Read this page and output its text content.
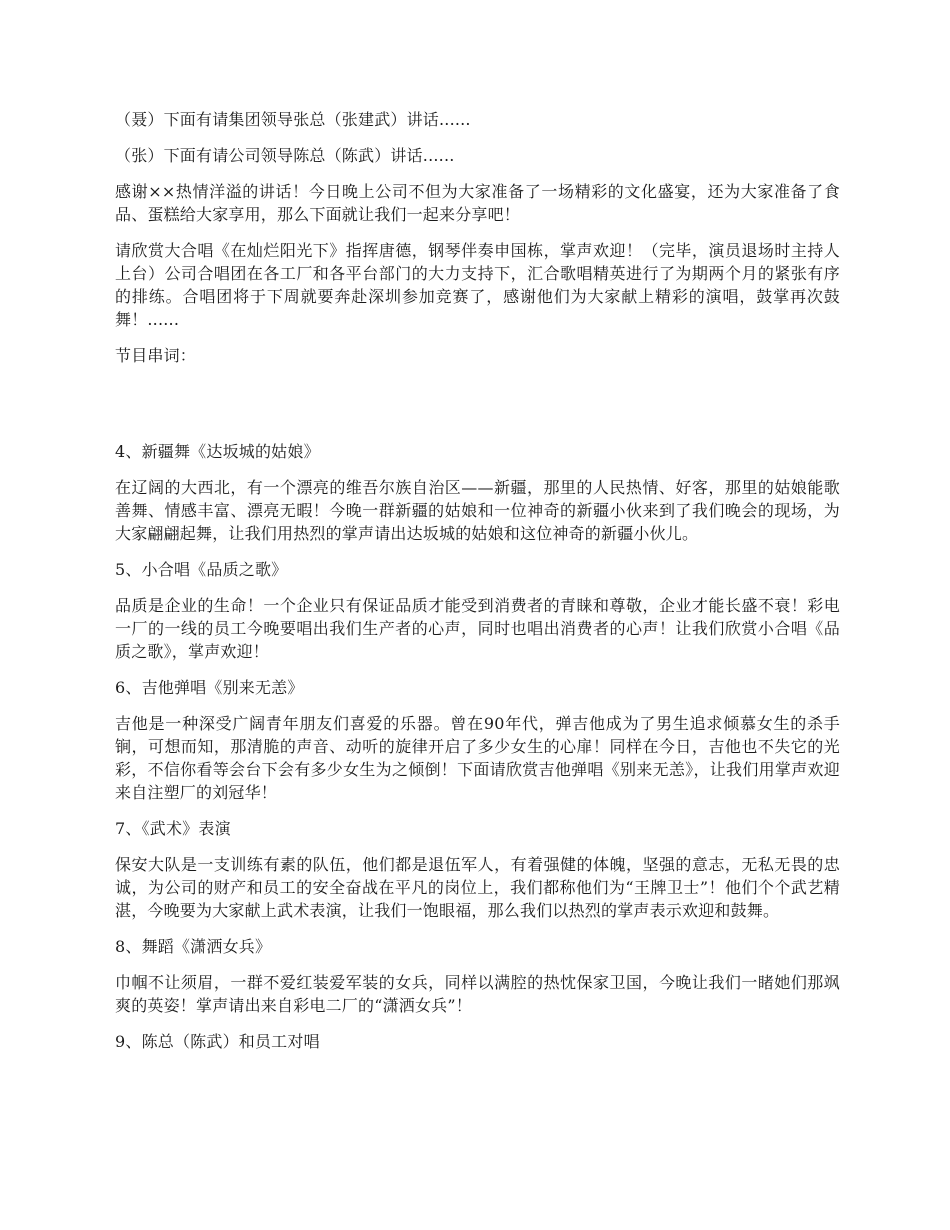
（聂）下面有请集团领导张总（张建武）讲话......

（张）下面有请公司领导陈总（陈武）讲话......

感谢××热情洋溢的讲话！今日晚上公司不但为大家准备了一场精彩的文化盛宴，还为大家准备了食品、蛋糕给大家享用，那么下面就让我们一起来分享吧！

请欣赏大合唱《在灿烂阳光下》指挥唐德，钢琴伴奏申国栋，掌声欢迎！（完毕，演员退场时主持人上台）公司合唱团在各工厂和各平台部门的大力支持下，汇合歌唱精英进行了为期两个月的紧张有序的排练。合唱团将于下周就要奔赴深圳参加竞赛了，感谢他们为大家献上精彩的演唱，鼓掌再次鼓舞！......

节目串词：

4、新疆舞《达坂城的姑娘》

在辽阔的大西北，有一个漂亮的维吾尔族自治区——新疆，那里的人民热情、好客，那里的姑娘能歌善舞、情感丰富、漂亮无暇！今晚一群新疆的姑娘和一位神奇的新疆小伙来到了我们晚会的现场，为大家翩翩起舞，让我们用热烈的掌声请出达坂城的姑娘和这位神奇的新疆小伙儿。

5、小合唱《品质之歌》

品质是企业的生命！一个企业只有保证品质才能受到消费者的青睐和尊敬，企业才能长盛不衰！彩电一厂的一线的员工今晚要唱出我们生产者的心声，同时也唱出消费者的心声！让我们欣赏小合唱《品质之歌》，掌声欢迎！

6、吉他弹唱《别来无恙》

吉他是一种深受广阔青年朋友们喜爱的乐器。曾在90年代，弹吉他成为了男生追求倾慕女生的杀手锏，可想而知，那清脆的声音、动听的旋律开启了多少女生的心扉！同样在今日，吉他也不失它的光彩，不信你看等会台下会有多少女生为之倾倒！下面请欣赏吉他弹唱《别来无恙》，让我们用掌声欢迎来自注塑厂的刘冠华！

7、《武术》表演

保安大队是一支训练有素的队伍，他们都是退伍军人，有着强健的体魄，坚强的意志，无私无畏的忠诚，为公司的财产和员工的安全奋战在平凡的岗位上，我们都称他们为“王牌卫士”！他们个个武艺精湛，今晚要为大家献上武术表演，让我们一饱眼福，那么我们以热烈的掌声表示欢迎和鼓舞。

8、舞蹈《潇洒女兵》

巾帼不让须眉，一群不爱红装爱军装的女兵，同样以满腔的热忱保家卫国，今晚让我们一睹她们那飒爽的英姿！掌声请出来自彩电二厂的“潇洒女兵”！

9、陈总（陈武）和员工对唱
